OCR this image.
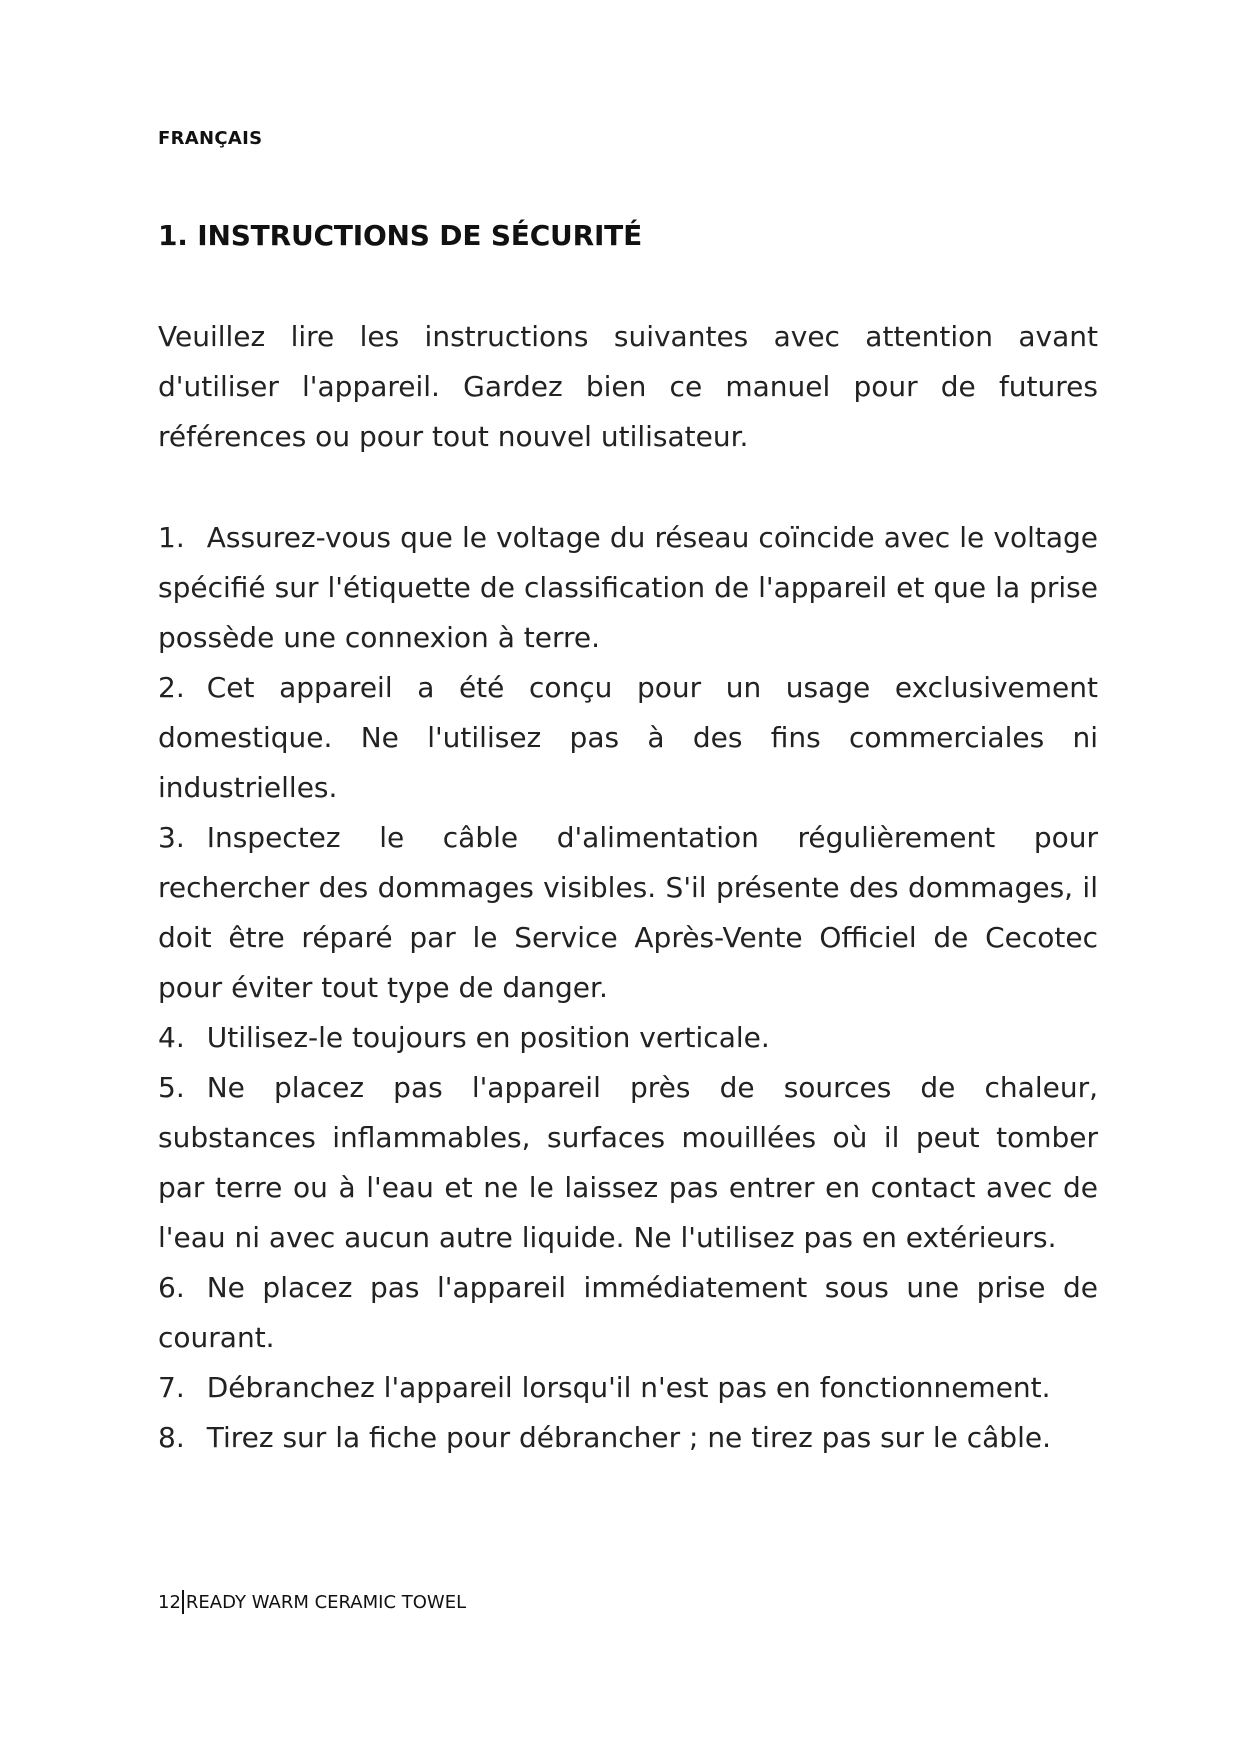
FRANÇAIS
1. INSTRUCTIONS DE SÉCURITÉ

Veuillez lire les instructions suivantes avec attention avant d'utiliser l'appareil. Gardez bien ce manuel pour de futures références ou pour tout nouvel utilisateur.

1. Assurez-vous que le voltage du réseau coïncide avec le voltage spécifié sur l'étiquette de classification de l'appareil et que la prise possède une connexion à terre.
2. Cet appareil a été conçu pour un usage exclusivement domestique. Ne l'utilisez pas à des fins commerciales ni industrielles.
3. Inspectez le câble d'alimentation régulièrement pour rechercher des dommages visibles. S'il présente des dommages, il doit être réparé par le Service Après-Vente Officiel de Cecotec pour éviter tout type de danger.
4. Utilisez-le toujours en position verticale.
5. Ne placez pas l'appareil près de sources de chaleur, substances inflammables, surfaces mouillées où il peut tomber par terre ou à l'eau et ne le laissez pas entrer en contact avec de l'eau ni avec aucun autre liquide. Ne l'utilisez pas en extérieurs.
6. Ne placez pas l'appareil immédiatement sous une prise de courant.
7. Débranchez l'appareil lorsqu'il n'est pas en fonctionnement.
8. Tirez sur la fiche pour débrancher ; ne tirez pas sur le câble.
12 READY WARM CERAMIC TOWEL
